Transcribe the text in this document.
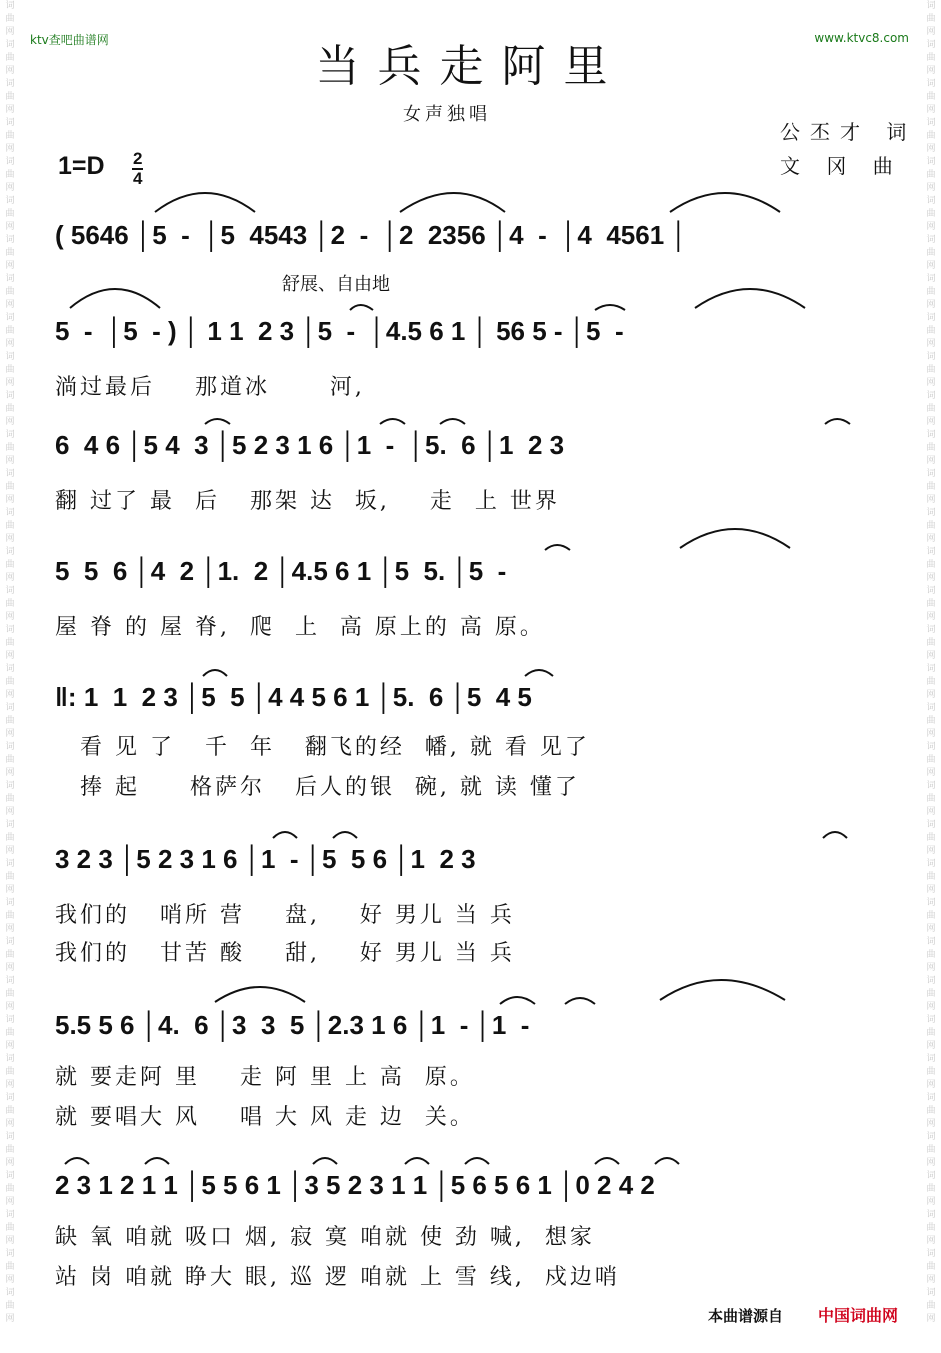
词
曲
网
词
曲
网
词
曲
网
词
曲
网
词
曲
网
词
曲
网
词
曲
网
词
曲
网
词
曲
网
词
曲
网
词
曲
网
词
曲
网
词
曲
网
词
曲
网
词
曲
网
词
曲
网
词
曲
网
词
曲
网
词
曲
网
词
曲
网
词
曲
网
词
曲
网
词
曲
网
词
曲
网
词
曲
网
词
曲
网
词
曲
网
词
曲
网
词
曲
网
词
曲
网
词
曲
网
词
曲
网
词
曲
网
词
曲
网

词
曲
网
词
曲
网
词
曲
网
词
曲
网
词
曲
网
词
曲
网
词
曲
网
词
曲
网
词
曲
网
词
曲
网
词
曲
网
词
曲
网
词
曲
网
词
曲
网
词
曲
网
词
曲
网
词
曲
网
词
曲
网
词
曲
网
词
曲
网
词
曲
网
词
曲
网
词
曲
网
词
曲
网
词
曲
网
词
曲
网
词
曲
网
词
曲
网
词
曲
网
词
曲
网
词
曲
网
词
曲
网
词
曲
网
词
曲
网

ktv查吧曲谱网	www.ktvc8.com
当兵走阿里
女声独唱
公丕才 词
文 冈 曲
$1=D \frac{2}{4}$
舒展、自由地
( 5646 │5  -  │5  4543 │2  -  │2  2356 │4  -  │4  4561 │
5  -  │5  - ) │ 1 1  2 3 │5  -  │4.5 6 1 │ 56 5 - │5  -
淌过最后    那道冰      河,
6  4 6 │5 4  3 │5 2 3 1 6 │1  -  │5.  6 │1  2 3
翻 过了 最  后   那架 达  坂,    走  上 世界
5  5  6 │4  2 │1.  2 │4.5 6 1 │5  5. │5  -
屋 脊 的 屋 脊,  爬  上  高 原上的 高 原。
‖: 1  1  2 3 │5  5 │4 4 5 6 1 │5.  6 │5  4 5
看 见 了   千  年   翻飞的经  幡, 就 看 见了
捧 起     格萨尔   后人的银  碗, 就 读 懂了
3 2 3 │5 2 3 1 6 │1  - │5  5 6 │1  2 3
我们的   哨所 营    盘,    好 男儿 当 兵
我们的   甘苦 酸    甜,    好 男儿 当 兵
5.5 5 6 │4.  6 │3  3  5 │2.3 1 6 │1  - │1  -
就 要走阿 里    走 阿 里 上 高  原。
就 要唱大 风    唱 大 风 走 边  关。
2 3 1 2 1 1 │5 5 6 1 │3 5 2 3 1 1 │5 6 5 6 1 │0 2 4 2
缺 氧 咱就 吸口 烟, 寂 寞 咱就 使 劲 喊,  想家
站 岗 咱就 睁大 眼, 巡 逻 咱就 上 雪 线,  戍边哨
本曲谱源自 中国词曲网
